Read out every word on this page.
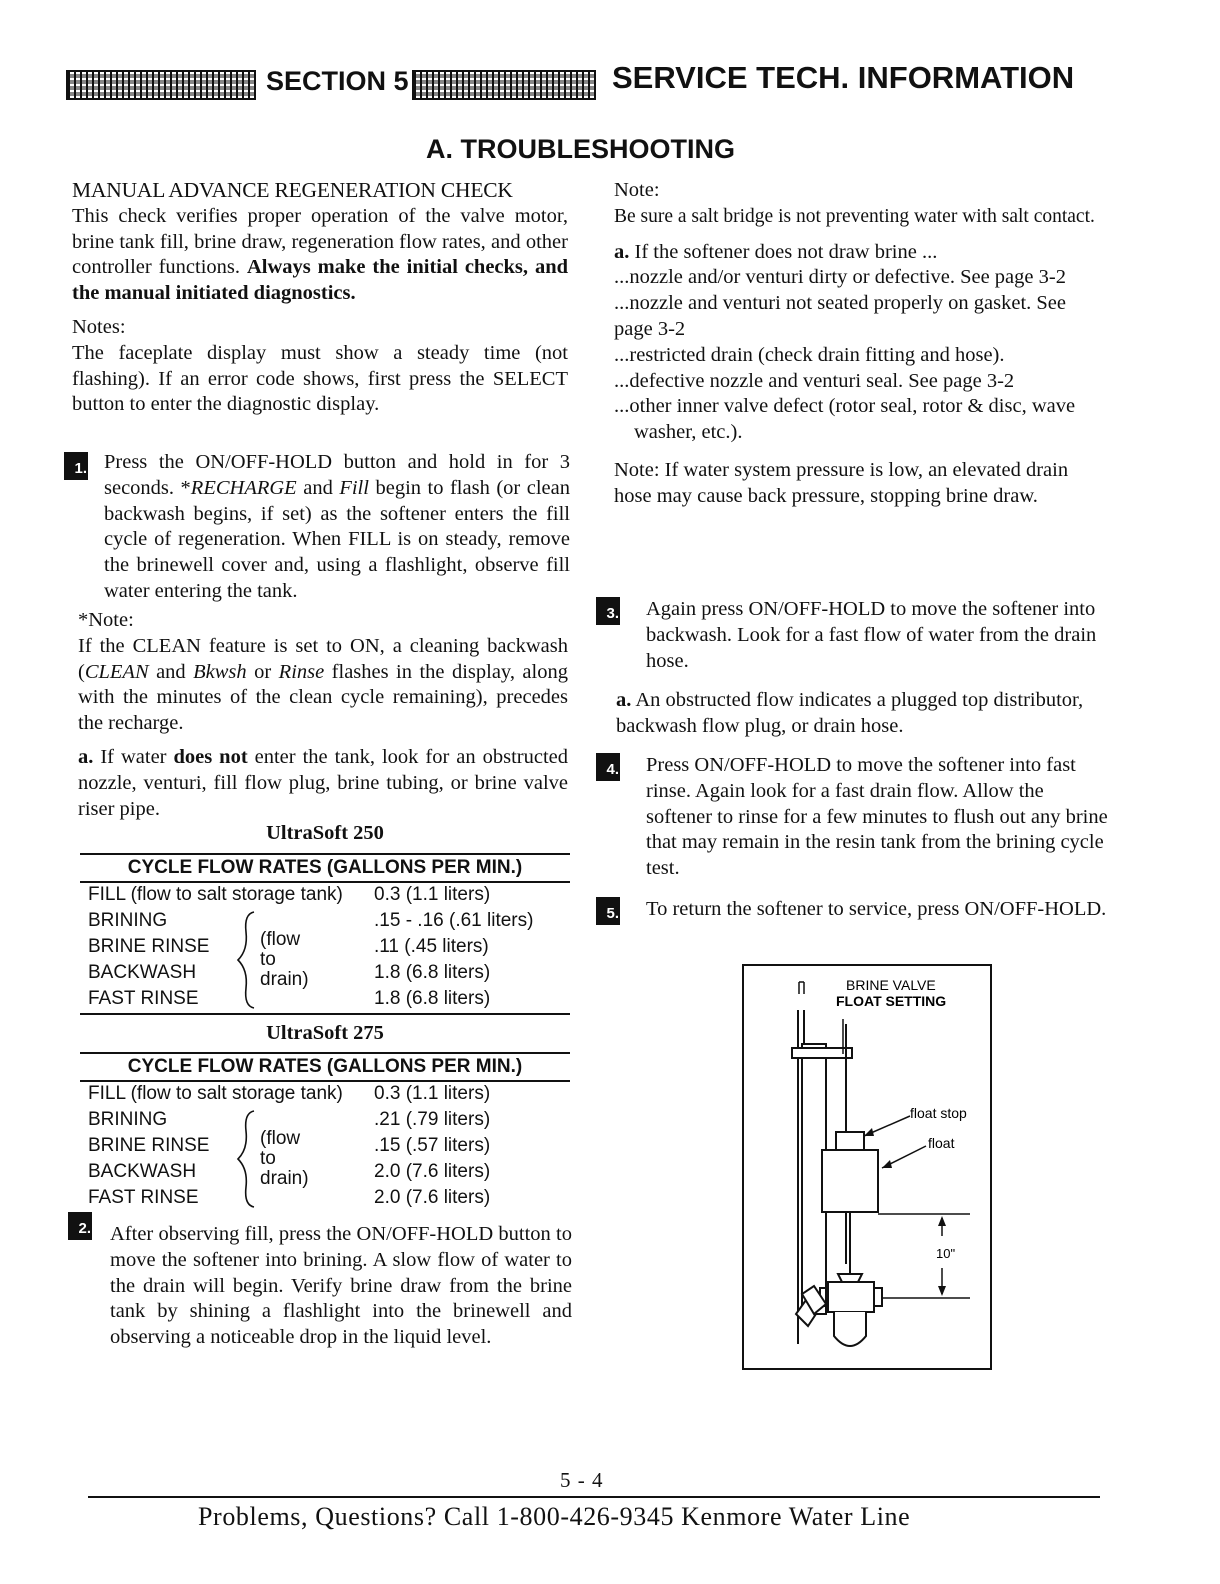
SECTION 5	SERVICE TECH. INFORMATION
A. TROUBLESHOOTING

MANUAL ADVANCE REGENERATION CHECK

This check verifies proper operation of the valve motor, brine tank fill, brine draw, regeneration flow rates, and other controller functions. Always make the initial checks, and the manual initiated diagnostics.

Notes:

The faceplate display must show a steady time (not flashing). If an error code shows, first press the SELECT button to enter the diagnostic display.

1. Press the ON/OFF-HOLD button and hold in for 3 seconds. *RECHARGE and Fill begin to flash (or clean backwash begins, if set) as the softener enters the fill cycle of regeneration. When FILL is on steady, remove the brinewell cover and, using a flashlight, observe fill water entering the tank.

*Note:

If the CLEAN feature is set to ON, a cleaning backwash (CLEAN and Bkwsh or Rinse flashes in the display, along with the minutes of the clean cycle remaining), precedes the recharge.

a. If water does not enter the tank, look for an obstructed nozzle, venturi, fill flow plug, brine tubing, or brine valve riser pipe.

UltraSoft 250
CYCLE FLOW RATES (GALLONS PER MIN.)
FILL (flow to salt storage tank) 0.3 (1.1 liters)
BRINING	.15 - .16 (.61 liters)
BRINE RINSE	.11 (.45 liters)
BACKWASH	1.8 (6.8 liters)
FAST RINSE	1.8 (6.8 liters)
(flow
to
drain)
UltraSoft 275
CYCLE FLOW RATES (GALLONS PER MIN.)
FILL (flow to salt storage tank) 0.3 (1.1 liters)
BRINING	.21 (.79 liters)
BRINE RINSE	.15 (.57 liters)
BACKWASH	2.0 (7.6 liters)
FAST RINSE	2.0 (7.6 liters)
(flow
to
drain)
2. After observing fill, press the ON/OFF-HOLD button to move the softener into brining. A slow flow of water to the drain will begin. Verify brine draw from the brine tank by shining a flashlight into the brinewell and observing a noticeable drop in the liquid level.

Note:

Be sure a salt bridge is not preventing water with salt contact.

a. If the softener does not draw brine ...

...nozzle and/or venturi dirty or defective. See page 3-2

...nozzle and venturi not seated properly on gasket. See page 3-2

...restricted drain (check drain fitting and hose).

...defective nozzle and venturi seal. See page 3-2

...other inner valve defect (rotor seal, rotor & disc, wave washer, etc.).

Note: If water system pressure is low, an elevated drain hose may cause back pressure, stopping brine draw.

3. Again press ON/OFF-HOLD to move the softener into backwash. Look for a fast flow of water from the drain hose.
a. An obstructed flow indicates a plugged top distributor, backwash flow plug, or drain hose.
4. Press ON/OFF-HOLD to move the softener into fast rinse. Again look for a fast drain flow. Allow the softener to rinse for a few minutes to flush out any brine that may remain in the resin tank from the brining cycle test.
5. To return the softener to service, press ON/OFF-HOLD.
BRINE VALVE
FLOAT SETTING
float stop
float
10"
5 - 4
Problems, Questions? Call 1-800-426-9345 Kenmore Water Line
